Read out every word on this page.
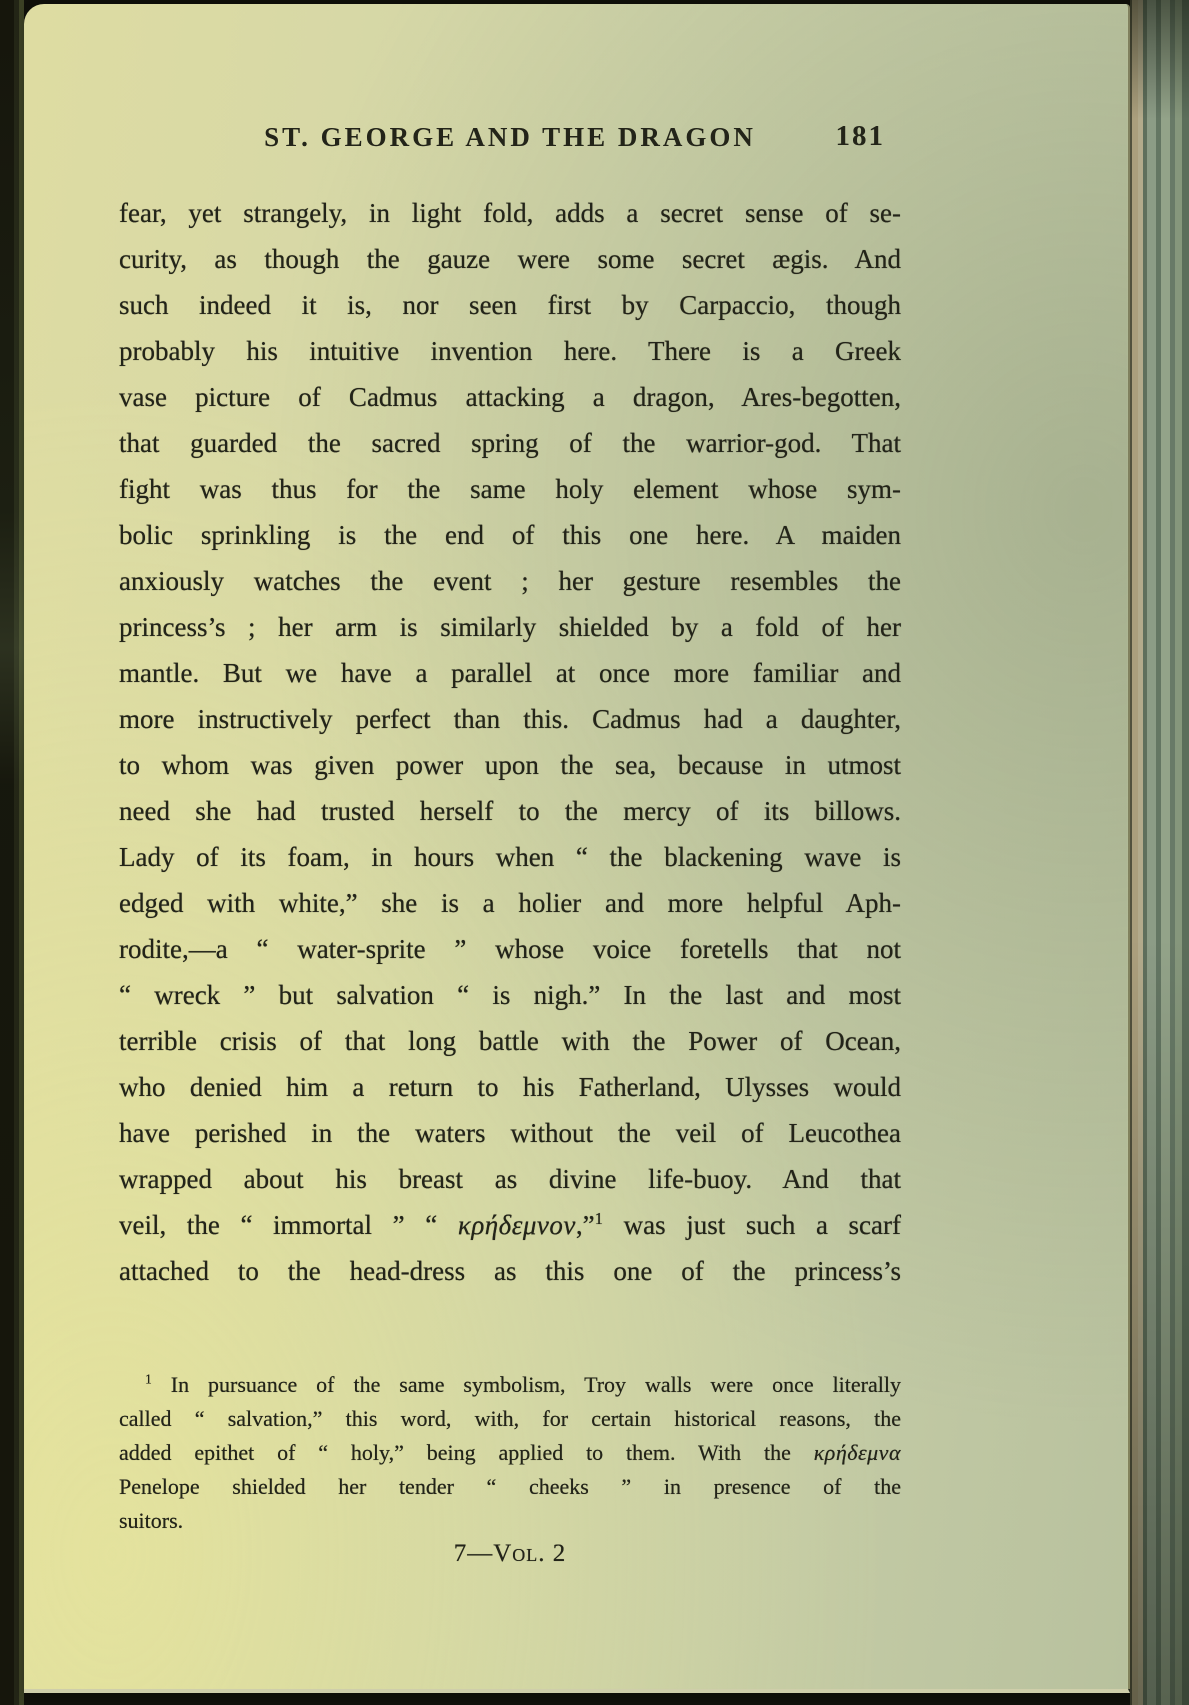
ST. GEORGE AND THE DRAGON	181
fear, yet strangely, in light fold, adds a secret sense of se-
curity, as though the gauze were some secret ægis. And
such indeed it is, nor seen first by Carpaccio, though
probably his intuitive invention here. There is a Greek
vase picture of Cadmus attacking a dragon, Ares-begotten,
that guarded the sacred spring of the warrior-god. That
fight was thus for the same holy element whose sym-
bolic sprinkling is the end of this one here. A maiden
anxiously watches the event ; her gesture resembles the
princess’s ; her arm is similarly shielded by a fold of her
mantle. But we have a parallel at once more familiar and
more instructively perfect than this. Cadmus had a daughter,
to whom was given power upon the sea, because in utmost
need she had trusted herself to the mercy of its billows.
Lady of its foam, in hours when “ the blackening wave is
edged with white,” she is a holier and more helpful Aph-
rodite,—a “ water-sprite ” whose voice foretells that not
“ wreck ” but salvation “ is nigh.” In the last and most
terrible crisis of that long battle with the Power of Ocean,
who denied him a return to his Fatherland, Ulysses would
have perished in the waters without the veil of Leucothea
wrapped about his breast as divine life-buoy. And that
veil, the “ immortal ” “ κρήδεμνον,”$^1$ was just such a scarf
attached to the head-dress as this one of the princess’s
$^1$ In pursuance of the same symbolism, Troy walls were once literally
called “ salvation,” this word, with, for certain historical reasons, the
added epithet of “ holy,” being applied to them. With the κρήδεμνα
Penelope shielded her tender “ cheeks ” in presence of the
suitors.
7—Vol. 2
